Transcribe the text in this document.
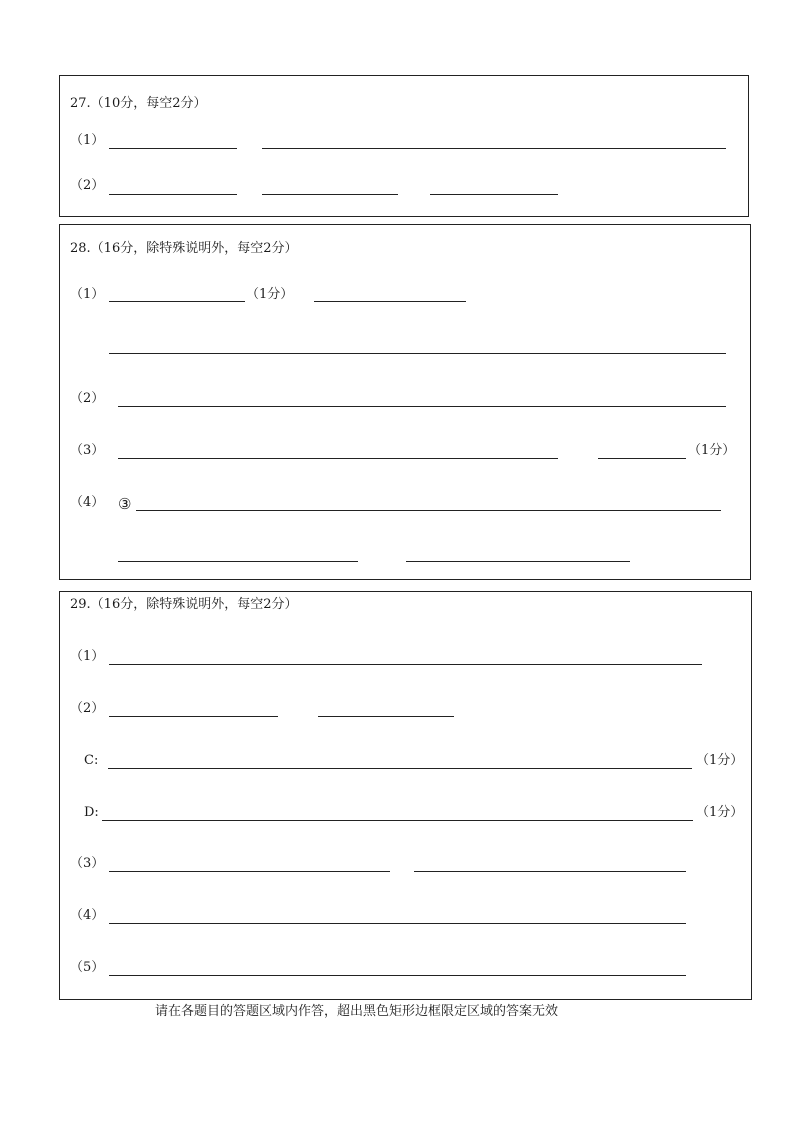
27.（10分，每空2分）
（1）
（2）
28.（16分，除特殊说明外，每空2分）
（1）	（1分）
（2）
（3）	（1分）
（4） ③
29.（16分，除特殊说明外，每空2分）
（1）
（2）
C:	（1分）
D:	（1分）
（3）
（4）
（5）
请在各题目的答题区域内作答，超出黑色矩形边框限定区域的答案无效
